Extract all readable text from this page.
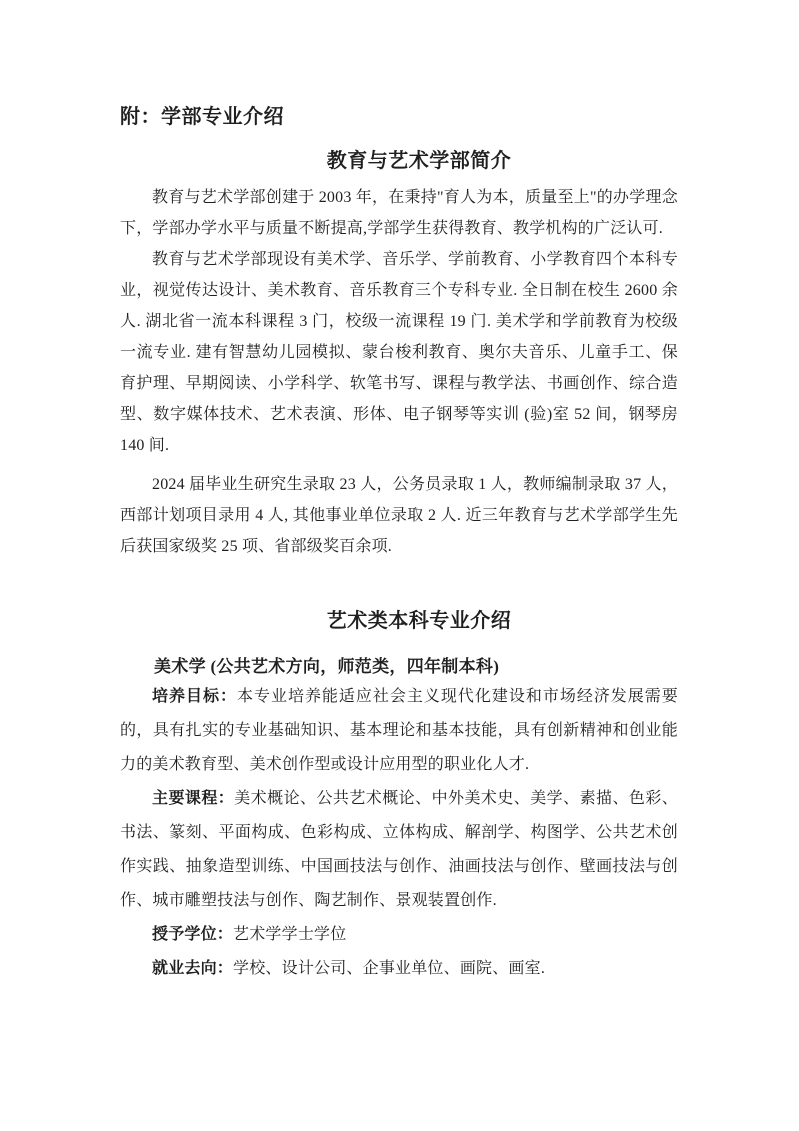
附：学部专业介绍
教育与艺术学部简介

教育与艺术学部创建于 2003 年，在秉持"育人为本，质量至上"的办学理念下，学部办学水平与质量不断提高,学部学生获得教育、教学机构的广泛认可.

教育与艺术学部现设有美术学、音乐学、学前教育、小学教育四个本科专业，视觉传达设计、美术教育、音乐教育三个专科专业. 全日制在校生 2600 余人. 湖北省一流本科课程 3 门，校级一流课程 19 门. 美术学和学前教育为校级一流专业. 建有智慧幼儿园模拟、蒙台梭利教育、奥尔夫音乐、儿童手工、保育护理、早期阅读、小学科学、软笔书写、课程与教学法、书画创作、综合造型、数字媒体技术、艺术表演、形体、电子钢琴等实训 (验)室 52 间，钢琴房 140 间.

2024 届毕业生研究生录取 23 人，公务员录取 1 人，教师编制录取 37 人，西部计划项目录用 4 人, 其他事业单位录取 2 人. 近三年教育与艺术学部学生先后获国家级奖 25 项、省部级奖百余项.

艺术类本科专业介绍
美术学 (公共艺术方向，师范类，四年制本科)

培养目标：本专业培养能适应社会主义现代化建设和市场经济发展需要的，具有扎实的专业基础知识、基本理论和基本技能，具有创新精神和创业能力的美术教育型、美术创作型或设计应用型的职业化人才.

主要课程：美术概论、公共艺术概论、中外美术史、美学、素描、色彩、书法、篆刻、平面构成、色彩构成、立体构成、解剖学、构图学、公共艺术创作实践、抽象造型训练、中国画技法与创作、油画技法与创作、壁画技法与创作、城市雕塑技法与创作、陶艺制作、景观装置创作.

授予学位：艺术学学士学位

就业去向：学校、设计公司、企事业单位、画院、画室.
